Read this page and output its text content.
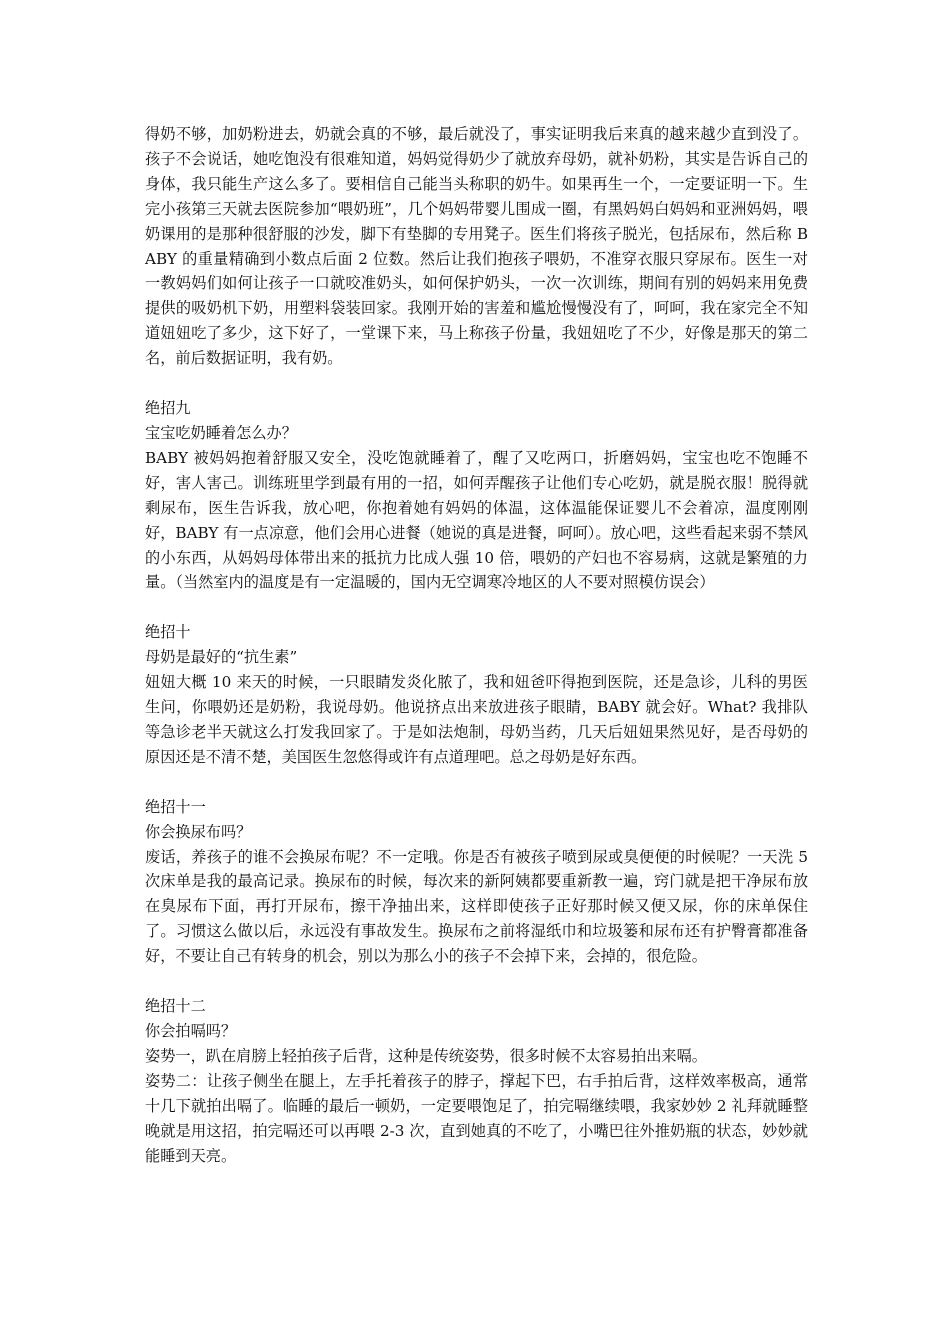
得奶不够，加奶粉进去，奶就会真的不够，最后就没了，事实证明我后来真的越来越少直到没了。孩子不会说话，她吃饱没有很难知道，妈妈觉得奶少了就放弃母奶，就补奶粉，其实是告诉自己的身体，我只能生产这么多了。要相信自己能当头称职的奶牛。如果再生一个，一定要证明一下。生完小孩第三天就去医院参加“喂奶班”，几个妈妈带婴儿围成一圈，有黑妈妈白妈妈和亚洲妈妈，喂奶课用的是那种很舒服的沙发，脚下有垫脚的专用凳子。医生们将孩子脱光，包括尿布，然后称 BABY 的重量精确到小数点后面 2 位数。然后让我们抱孩子喂奶，不准穿衣服只穿尿布。医生一对一教妈妈们如何让孩子一口就咬准奶头，如何保护奶头，一次一次训练，期间有别的妈妈来用免费提供的吸奶机下奶，用塑料袋装回家。我刚开始的害羞和尴尬慢慢没有了，呵呵，我在家完全不知道妞妞吃了多少，这下好了，一堂课下来，马上称孩子份量，我妞妞吃了不少，好像是那天的第二名，前后数据证明，我有奶。

绝招九

宝宝吃奶睡着怎么办？

BABY 被妈妈抱着舒服又安全，没吃饱就睡着了，醒了又吃两口，折磨妈妈，宝宝也吃不饱睡不好，害人害己。训练班里学到最有用的一招，如何弄醒孩子让他们专心吃奶，就是脱衣服！脱得就剩尿布，医生告诉我，放心吧，你抱着她有妈妈的体温，这体温能保证婴儿不会着凉，温度刚刚好，BABY 有一点凉意，他们会用心进餐（她说的真是进餐，呵呵）。放心吧，这些看起来弱不禁风的小东西，从妈妈母体带出来的抵抗力比成人强 10 倍，喂奶的产妇也不容易病，这就是繁殖的力量。（当然室内的温度是有一定温暖的，国内无空调寒冷地区的人不要对照模仿误会）

绝招十

母奶是最好的“抗生素”

妞妞大概 10 来天的时候，一只眼睛发炎化脓了，我和妞爸吓得抱到医院，还是急诊，儿科的男医生问，你喂奶还是奶粉，我说母奶。他说挤点出来放进孩子眼睛，BABY 就会好。What? 我排队等急诊老半天就这么打发我回家了。于是如法炮制，母奶当药，几天后妞妞果然见好，是否母奶的原因还是不清不楚，美国医生忽悠得或许有点道理吧。总之母奶是好东西。

绝招十一

你会换尿布吗？

废话，养孩子的谁不会换尿布呢？不一定哦。你是否有被孩子喷到尿或臭便便的时候呢？一天洗 5 次床单是我的最高记录。换尿布的时候，每次来的新阿姨都要重新教一遍，窍门就是把干净尿布放在臭尿布下面，再打开尿布，擦干净抽出来，这样即使孩子正好那时候又便又尿，你的床单保住了。习惯这么做以后，永远没有事故发生。换尿布之前将湿纸巾和垃圾篓和尿布还有护臀膏都准备好，不要让自己有转身的机会，别以为那么小的孩子不会掉下来，会掉的，很危险。

绝招十二

你会拍嗝吗？

姿势一，趴在肩膀上轻拍孩子后背，这种是传统姿势，很多时候不太容易拍出来嗝。

姿势二：让孩子侧坐在腿上，左手托着孩子的脖子，撑起下巴，右手拍后背，这样效率极高，通常十几下就拍出嗝了。临睡的最后一顿奶，一定要喂饱足了，拍完嗝继续喂，我家妙妙 2 礼拜就睡整晚就是用这招，拍完嗝还可以再喂 2-3 次，直到她真的不吃了，小嘴巴往外推奶瓶的状态，妙妙就能睡到天亮。
